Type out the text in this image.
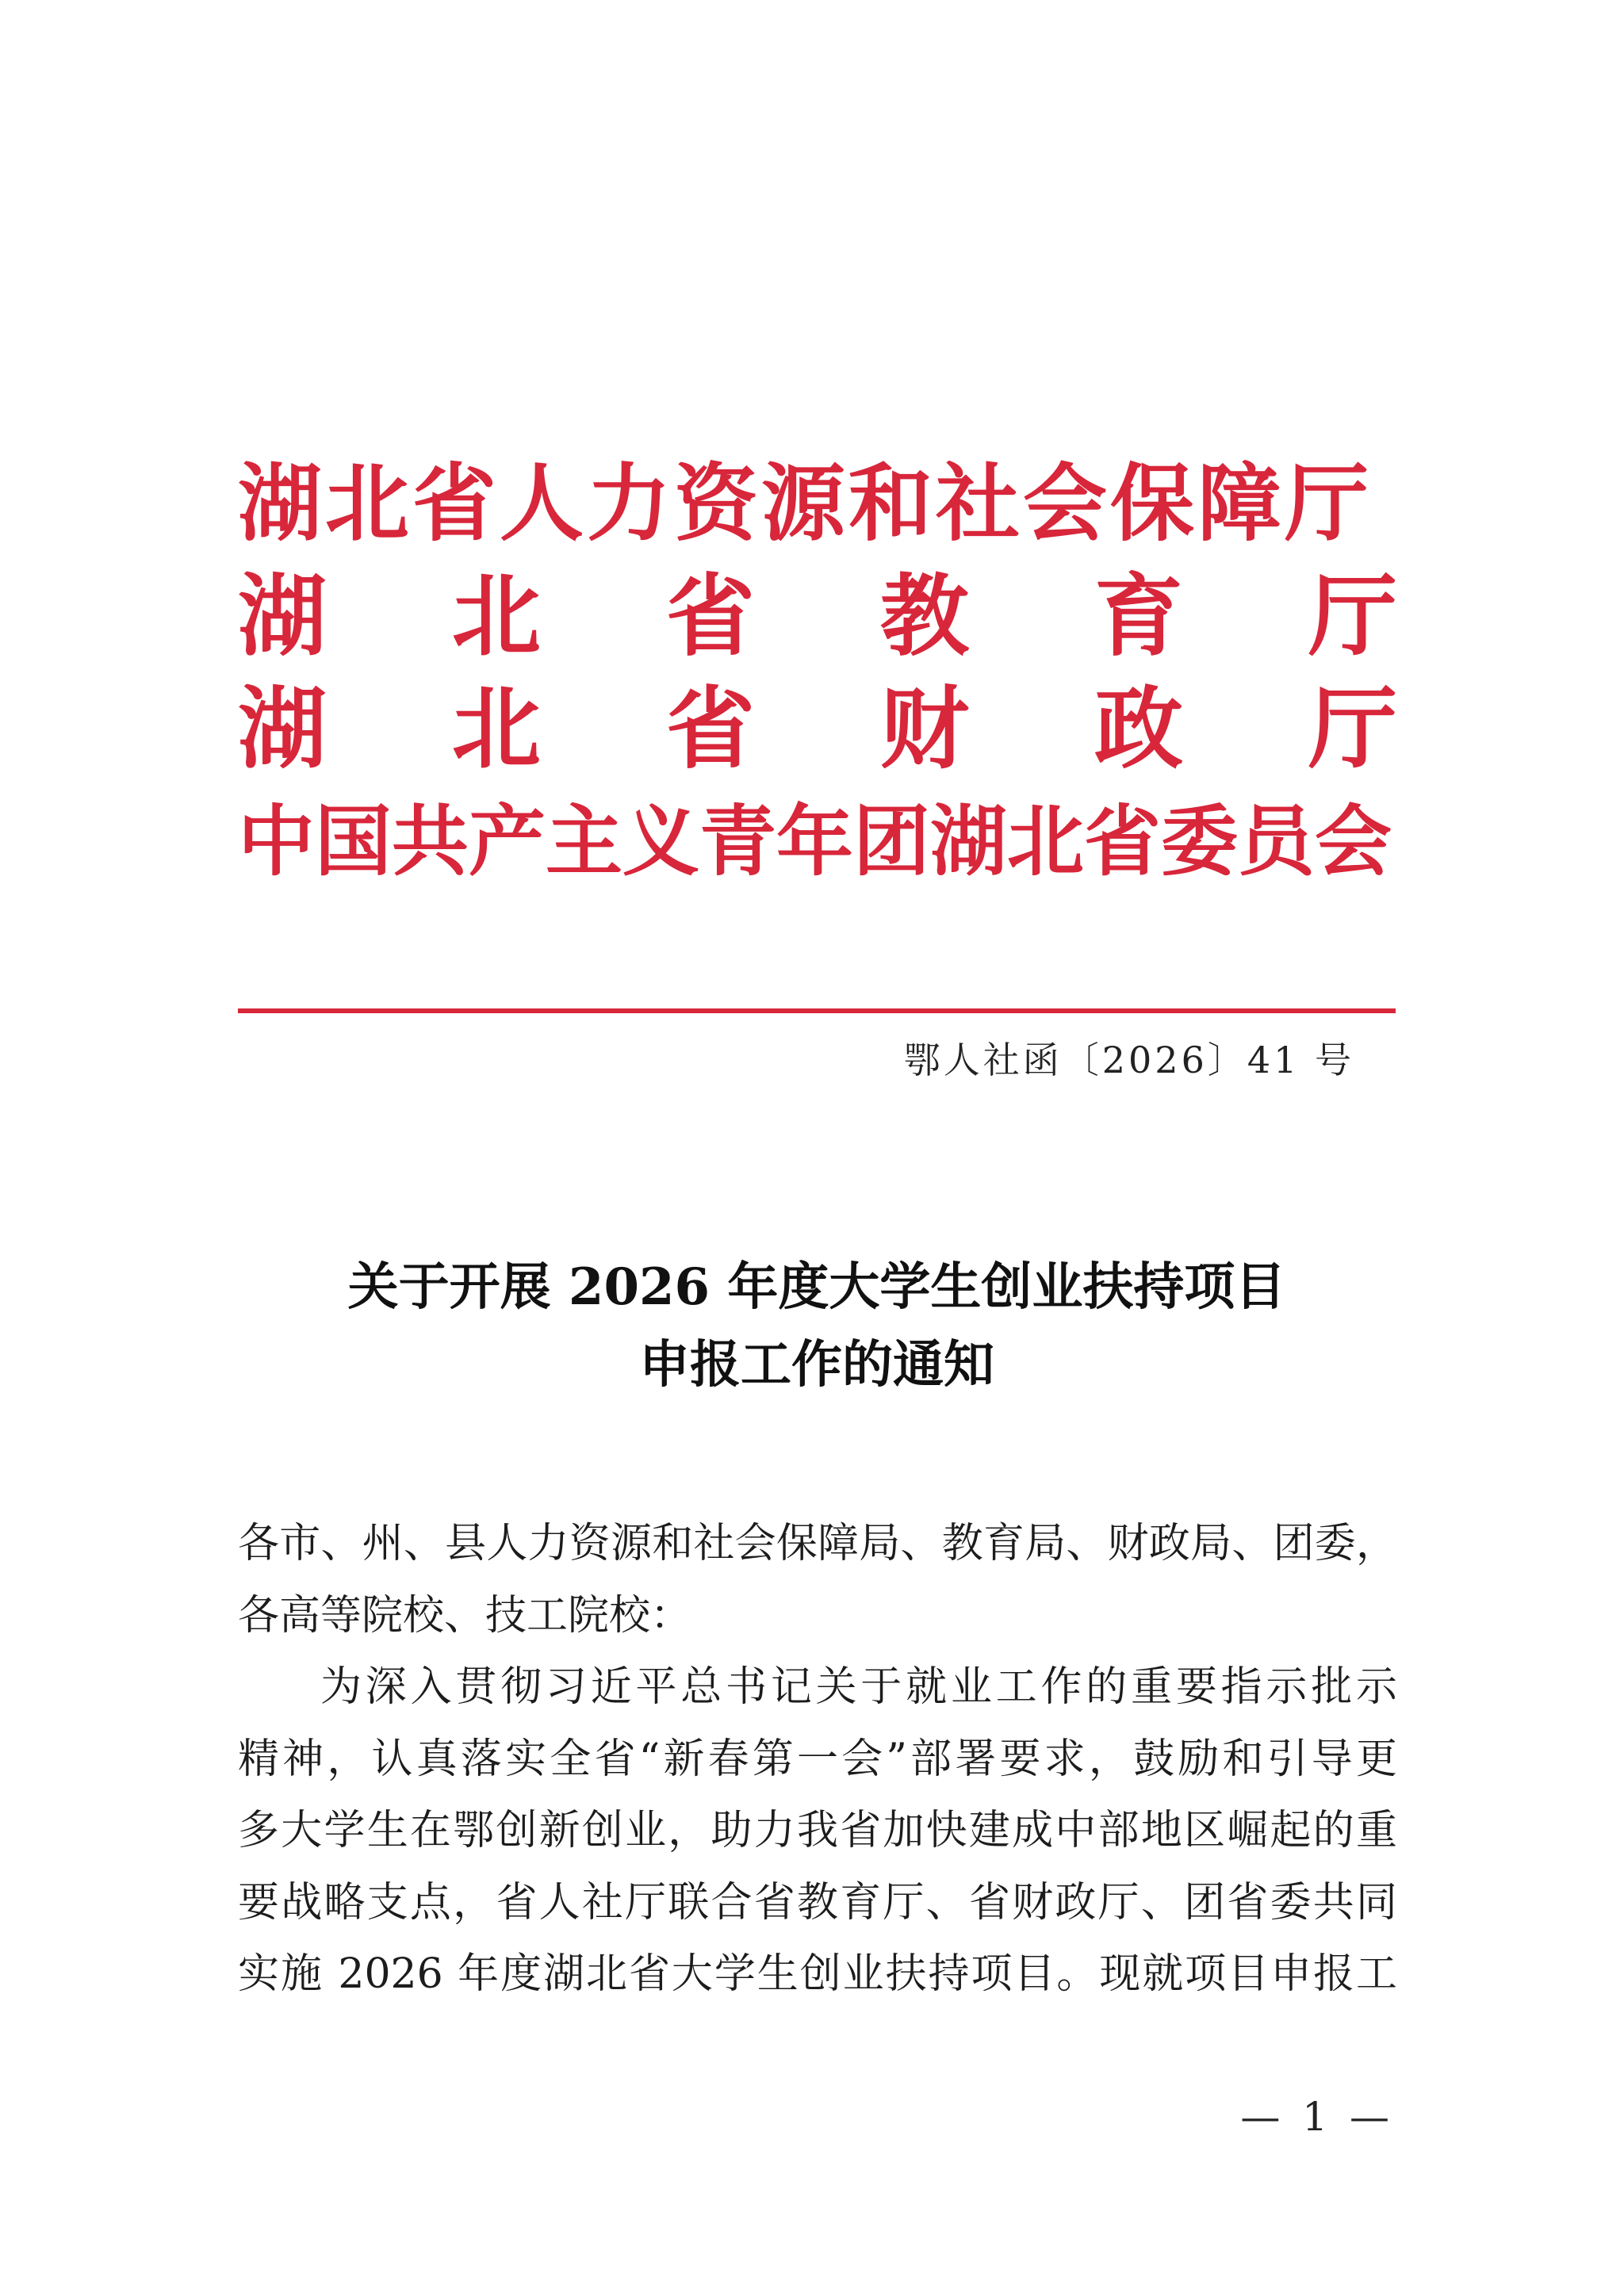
湖北省人力资源和社会保障厅
湖 北 省 教 育 厅
湖 北 省 财 政 厅
中国共产主义青年团湖北省委员会
鄂人社函〔2026〕41 号
关于开展 2026 年度大学生创业扶持项目
申报工作的通知
各市、州、县人力资源和社会保障局、教育局、财政局、团委，
各高等院校、技工院校：
为深入贯彻习近平总书记关于就业工作的重要指示批示
精神，认真落实全省“新春第一会”部署要求，鼓励和引导更
多大学生在鄂创新创业，助力我省加快建成中部地区崛起的重
要战略支点，省人社厅联合省教育厅、省财政厅、团省委共同
实施 2026 年度湖北省大学生创业扶持项目。现就项目申报工
— 1 —
